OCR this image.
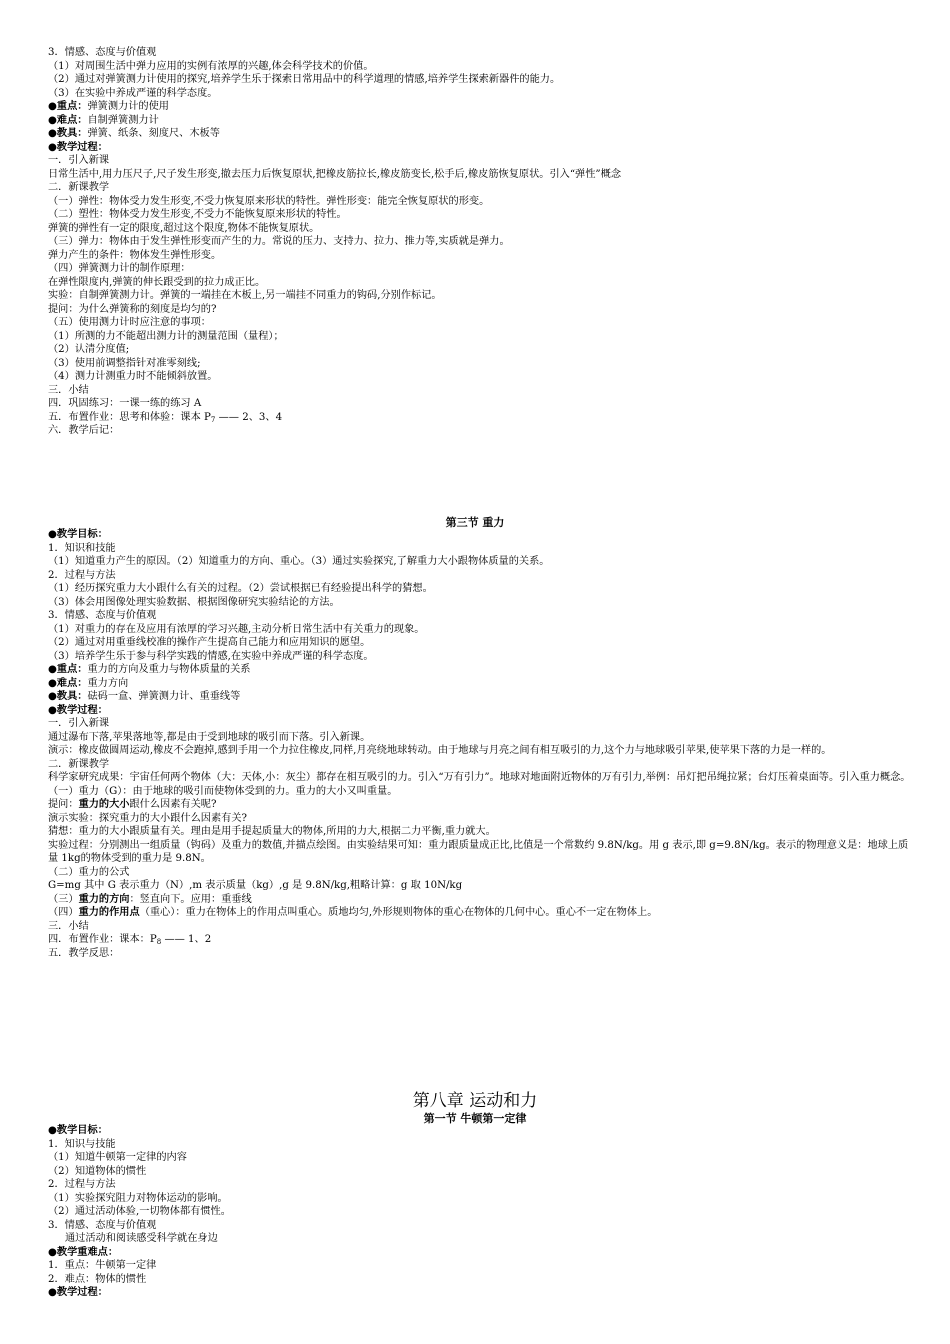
3．情感、态度与价值观
（1）对周围生活中弹力应用的实例有浓厚的兴趣,体会科学技术的价值。
（2）通过对弹簧测力计使用的探究,培养学生乐于探索日常用品中的科学道理的情感,培养学生探索新器件的能力。
（3）在实验中养成严谨的科学态度。
●重点：弹簧测力计的使用
●难点：自制弹簧测力计
●教具：弹簧、纸条、刻度尺、木板等
●教学过程：
一．引入新课
日常生活中,用力压尺子,尺子发生形变,撤去压力后恢复原状,把橡皮筋拉长,橡皮筋变长,松手后,橡皮筋恢复原状。引入“弹性”概念
二．新课教学
（一）弹性：物体受力发生形变,不受力恢复原来形状的特性。弹性形变：能完全恢复原状的形变。
（二）塑性：物体受力发生形变,不受力不能恢复原来形状的特性。
弹簧的弹性有一定的限度,超过这个限度,物体不能恢复原状。
（三）弹力：物体由于发生弹性形变而产生的力。常说的压力、支持力、拉力、推力等,实质就是弹力。
弹力产生的条件：物体发生弹性形变。
（四）弹簧测力计的制作原理：
在弹性限度内,弹簧的伸长跟受到的拉力成正比。
实验：自制弹簧测力计。弹簧的一端挂在木板上,另一端挂不同重力的钩码,分别作标记。
提问：为什么弹簧称的刻度是均匀的?
（五）使用测力计时应注意的事项：
（1）所测的力不能超出测力计的测量范围（量程）；
（2）认清分度值;
（3）使用前调整指针对准零刻线;
（4）测力计测重力时不能倾斜放置。
三．小结
四．巩固练习：一课一练的练习 A
五．布置作业：思考和体验：课本 $P_7$ —— 2、3、4
六．教学后记：
第三节 重力
●教学目标：
1．知识和技能
（1）知道重力产生的原因。（2）知道重力的方向、重心。（3）通过实验探究,了解重力大小跟物体质量的关系。
2．过程与方法
（1）经历探究重力大小跟什么有关的过程。（2）尝试根据已有经验提出科学的猜想。
（3）体会用图像处理实验数据、根据图像研究实验结论的方法。
3．情感、态度与价值观
（1）对重力的存在及应用有浓厚的学习兴趣,主动分析日常生活中有关重力的现象。
（2）通过对用重垂线校准的操作产生提高自己能力和应用知识的愿望。
（3）培养学生乐于参与科学实践的情感,在实验中养成严谨的科学态度。
●重点：重力的方向及重力与物体质量的关系
●难点：重力方向
●教具：砝码一盒、弹簧测力计、重垂线等
●教学过程：
一．引入新课
通过瀑布下落,苹果落地等,都是由于受到地球的吸引而下落。引入新课。
演示：橡皮做圆周运动,橡皮不会跑掉,感到手用一个力拉住橡皮,同样,月亮绕地球转动。由于地球与月亮之间有相互吸引的力,这个力与地球吸引苹果,使苹果下落的力是一样的。
二．新课教学
科学家研究成果：宇宙任何两个物体（大：天体,小：灰尘）都存在相互吸引的力。引入“万有引力”。地球对地面附近物体的万有引力,举例：吊灯把吊绳拉紧；台灯压着桌面等。引入重力概念。
（一）重力（G）：由于地球的吸引而使物体受到的力。重力的大小又叫重量。
提问：重力的大小跟什么因素有关呢?
演示实验：探究重力的大小跟什么因素有关?
猜想：重力的大小跟质量有关。理由是用手提起质量大的物体,所用的力大,根据二力平衡,重力就大。
实验过程：分别测出一组质量（钩码）及重力的数值,并描点绘图。由实验结果可知：重力跟质量成正比,比值是一个常数约 9.8N/kg。用 g 表示,即 g=9.8N/kg。表示的物理意义是：地球上质量 1kg的物体受到的重力是 9.8N。
（二）重力的公式
G=mg 其中 G 表示重力（N）,m 表示质量（kg）,g 是 9.8N/kg,粗略计算：g 取 10N/kg
（三）重力的方向：竖直向下。应用：重垂线
（四）重力的作用点（重心）：重力在物体上的作用点叫重心。质地均匀,外形规则物体的重心在物体的几何中心。重心不一定在物体上。
三．小结
四．布置作业：课本：$P_8$ —— 1、2
五．教学反思：
第八章 运动和力
第一节 牛顿第一定律
●教学目标：
1．知识与技能
（1）知道牛顿第一定律的内容
（2）知道物体的惯性
2．过程与方法
（1）实验探究阻力对物体运动的影响。
（2）通过活动体验,一切物体都有惯性。
3．情感、态度与价值观
通过活动和阅读感受科学就在身边
●教学重难点：
1．重点：牛顿第一定律
2．难点：物体的惯性
●教学过程：
